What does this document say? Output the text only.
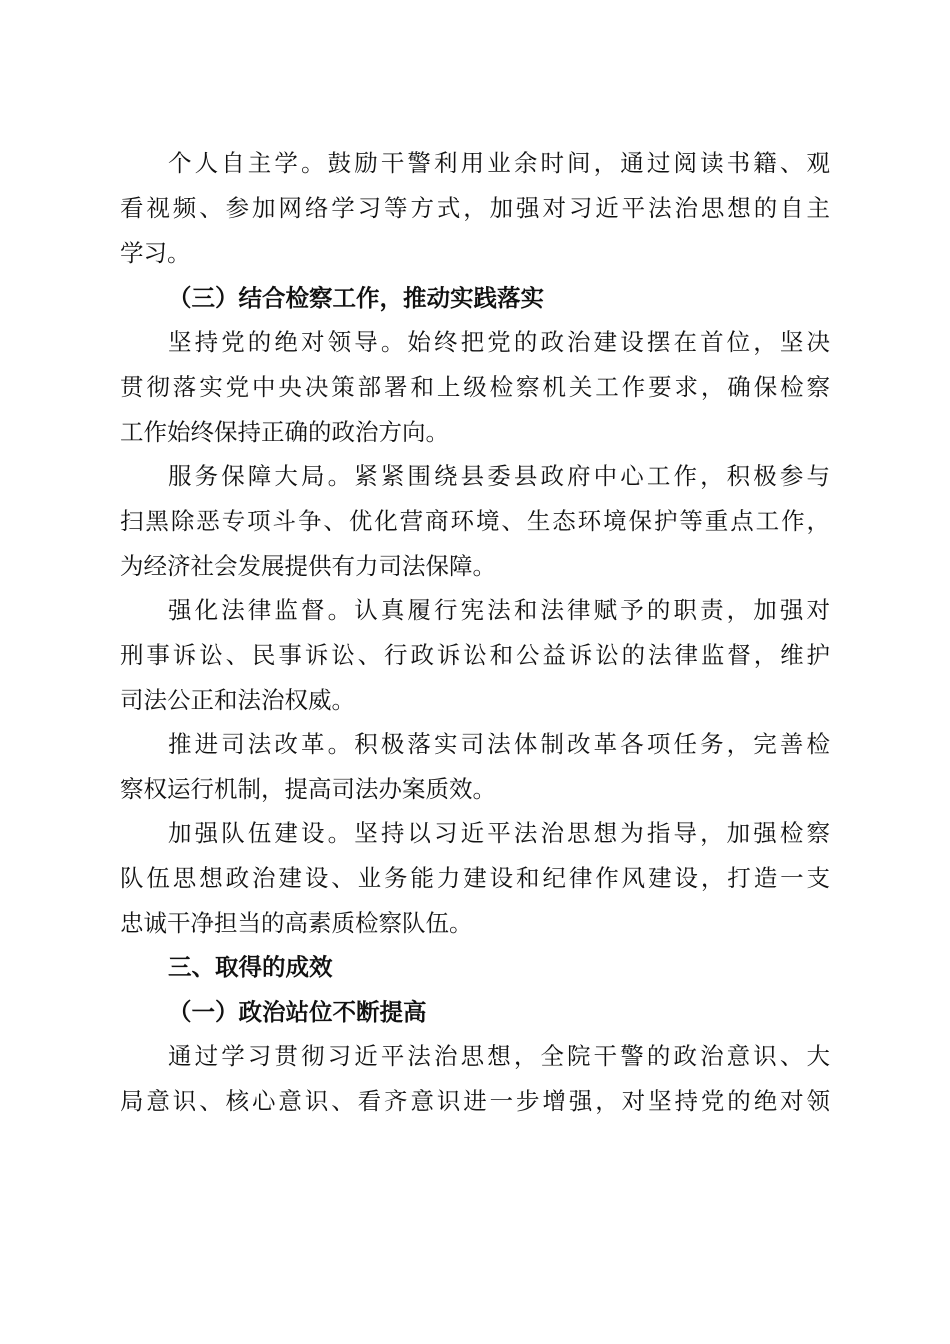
个人自主学。鼓励干警利用业余时间，通过阅读书籍、观
看视频、参加网络学习等方式，加强对习近平法治思想的自主
学习。
（三）结合检察工作，推动实践落实
坚持党的绝对领导。始终把党的政治建设摆在首位，坚决
贯彻落实党中央决策部署和上级检察机关工作要求，确保检察
工作始终保持正确的政治方向。
服务保障大局。紧紧围绕县委县政府中心工作，积极参与
扫黑除恶专项斗争、优化营商环境、生态环境保护等重点工作，
为经济社会发展提供有力司法保障。
强化法律监督。认真履行宪法和法律赋予的职责，加强对
刑事诉讼、民事诉讼、行政诉讼和公益诉讼的法律监督，维护
司法公正和法治权威。
推进司法改革。积极落实司法体制改革各项任务，完善检
察权运行机制，提高司法办案质效。
加强队伍建设。坚持以习近平法治思想为指导，加强检察
队伍思想政治建设、业务能力建设和纪律作风建设，打造一支
忠诚干净担当的高素质检察队伍。
三、取得的成效
（一）政治站位不断提高
通过学习贯彻习近平法治思想，全院干警的政治意识、大
局意识、核心意识、看齐意识进一步增强，对坚持党的绝对领
